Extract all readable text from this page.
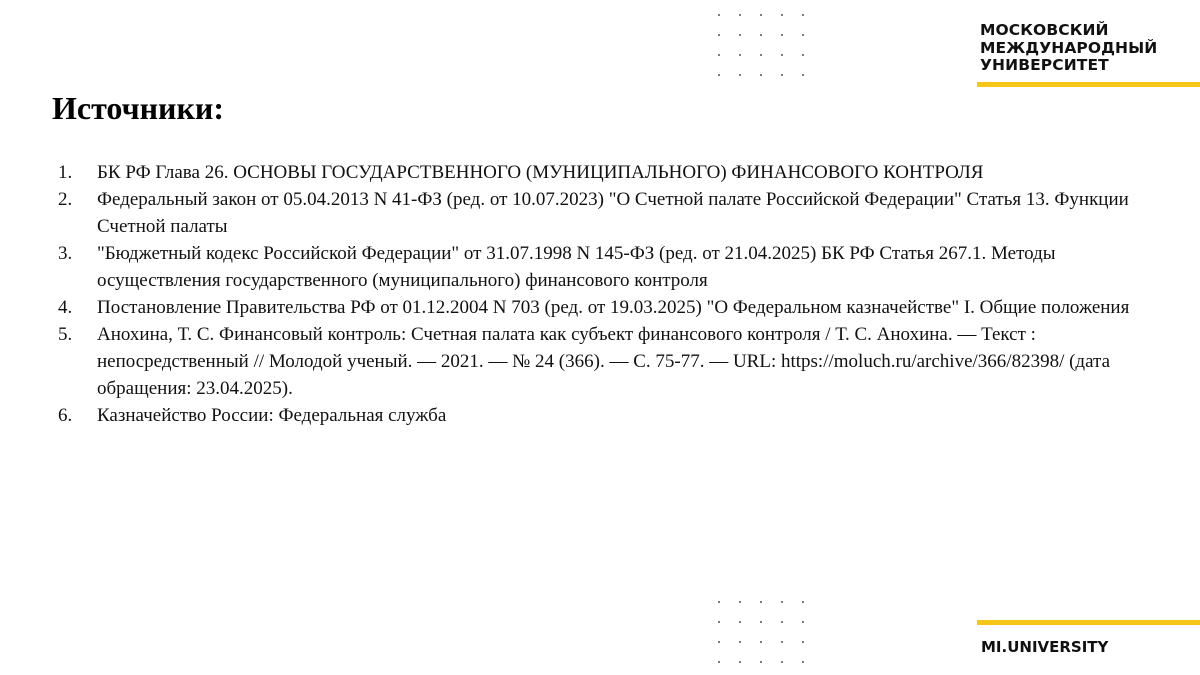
МОСКОВСКИЙ
МЕЖДУНАРОДНЫЙ
УНИВЕРСИТЕТ
Источники:
1. БК РФ Глава 26. ОСНОВЫ ГОСУДАРСТВЕННОГО (МУНИЦИПАЛЬНОГО) ФИНАНСОВОГО КОНТРОЛЯ
2. Федеральный закон от 05.04.2013 N 41-ФЗ (ред. от 10.07.2023) "О Счетной палате Российской Федерации" Статья 13. Функции Счетной палаты
3. "Бюджетный кодекс Российской Федерации" от 31.07.1998 N 145-ФЗ (ред. от 21.04.2025) БК РФ Статья 267.1. Методы осуществления государственного (муниципального) финансового контроля
4. Постановление Правительства РФ от 01.12.2004 N 703 (ред. от 19.03.2025) "О Федеральном казначействе" I. Общие положения
5. Анохина, Т. С. Финансовый контроль: Счетная палата как субъект финансового контроля / Т. С. Анохина. — Текст : непосредственный // Молодой ученый. — 2021. — № 24 (366). — С. 75-77. — URL: https://moluch.ru/archive/366/82398/ (дата обращения: 23.04.2025).
6. Казначейство России: Федеральная служба
MI.UNIVERSITY
